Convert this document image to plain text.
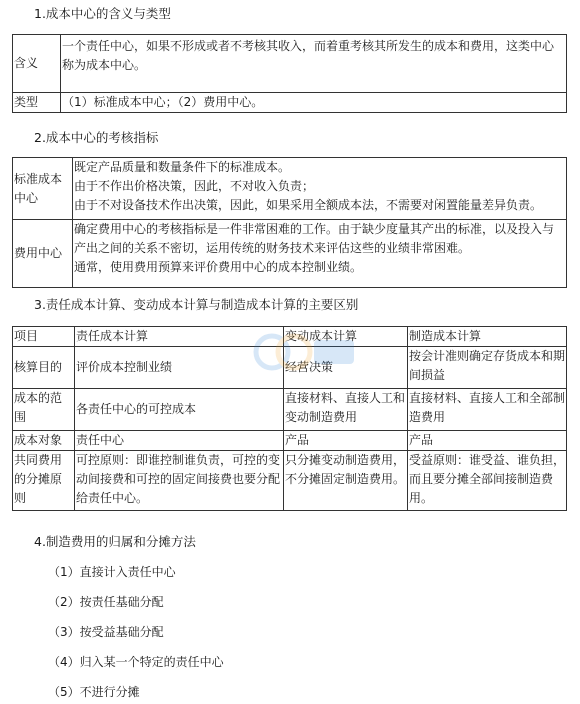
1.成本中心的含义与类型
含义	一个责任中心，如果不形成或者不考核其收入，而着重考核其所发生的成本和费用，这类中心称为成本中心。

类型	（1）标准成本中心；（2）费用中心。
2.成本中心的考核指标
标准成本中心	既定产品质量和数量条件下的标准成本。
由于不作出价格决策，因此，不对收入负责；
由于不对设备技术作出决策，因此，如果采用全额成本法，不需要对闲置能量差异负责。

费用中心	确定费用中心的考核指标是一件非常困难的工作。由于缺少度量其产出的标准，以及投入与产出之间的关系不密切，运用传统的财务技术来评估这些的业绩非常困难。
通常，使用费用预算来评价费用中心的成本控制业绩。
3.责任成本计算、变动成本计算与制造成本计算的主要区别
项目	责任成本计算	变动成本计算	制造成本计算
核算目的	评价成本控制业绩	经营决策	按会计准则确定存货成本和期间损益

成本的范围	各责任中心的可控成本	直接材料、直接人工和变动制造费用	直接材料、直接人工和全部制造费用

成本对象	责任中心	产品	产品

共同费用的分摊原则	可控原则：即谁控制谁负责，可控的变动间接费和可控的固定间接费也要分配给责任中心。	只分摊变动制造费用，不分摊固定制造费用。	受益原则：谁受益、谁负担，而且要分摊全部间接制造费用。
4.制造费用的归属和分摊方法
（1）直接计入责任中心
（2）按责任基础分配
（3）按受益基础分配
（4）归入某一个特定的责任中心
（5）不进行分摊
